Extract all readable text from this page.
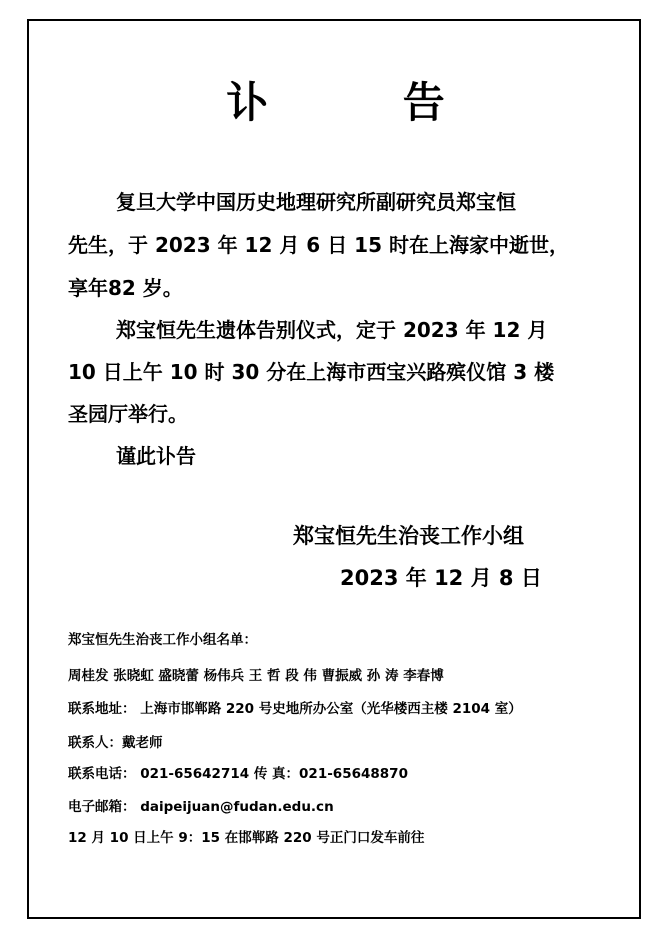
讣 告
复旦大学中国历史地理研究所副研究员郑宝恒
先生，于 2023 年 12 月 6 日 15 时在上海家中逝世，
享年82 岁。
郑宝恒先生遗体告别仪式，定于 2023 年 12 月
10 日上午 10 时 30 分在上海市西宝兴路殡仪馆 3 楼
圣园厅举行。
谨此讣告
郑宝恒先生治丧工作小组
2023 年 12 月 8 日
郑宝恒先生治丧工作小组名单：
周桂发 张晓虹 盛晓蕾 杨伟兵 王 哲 段 伟 曹振威 孙 涛 李春博
联系地址： 上海市邯郸路 220 号史地所办公室（光华楼西主楼 2104 室）
联系人：戴老师
联系电话： 021-65642714 传 真：021-65648870
电子邮箱： daipeijuan@fudan.edu.cn
12 月 10 日上午 9：15 在邯郸路 220 号正门口发车前往
